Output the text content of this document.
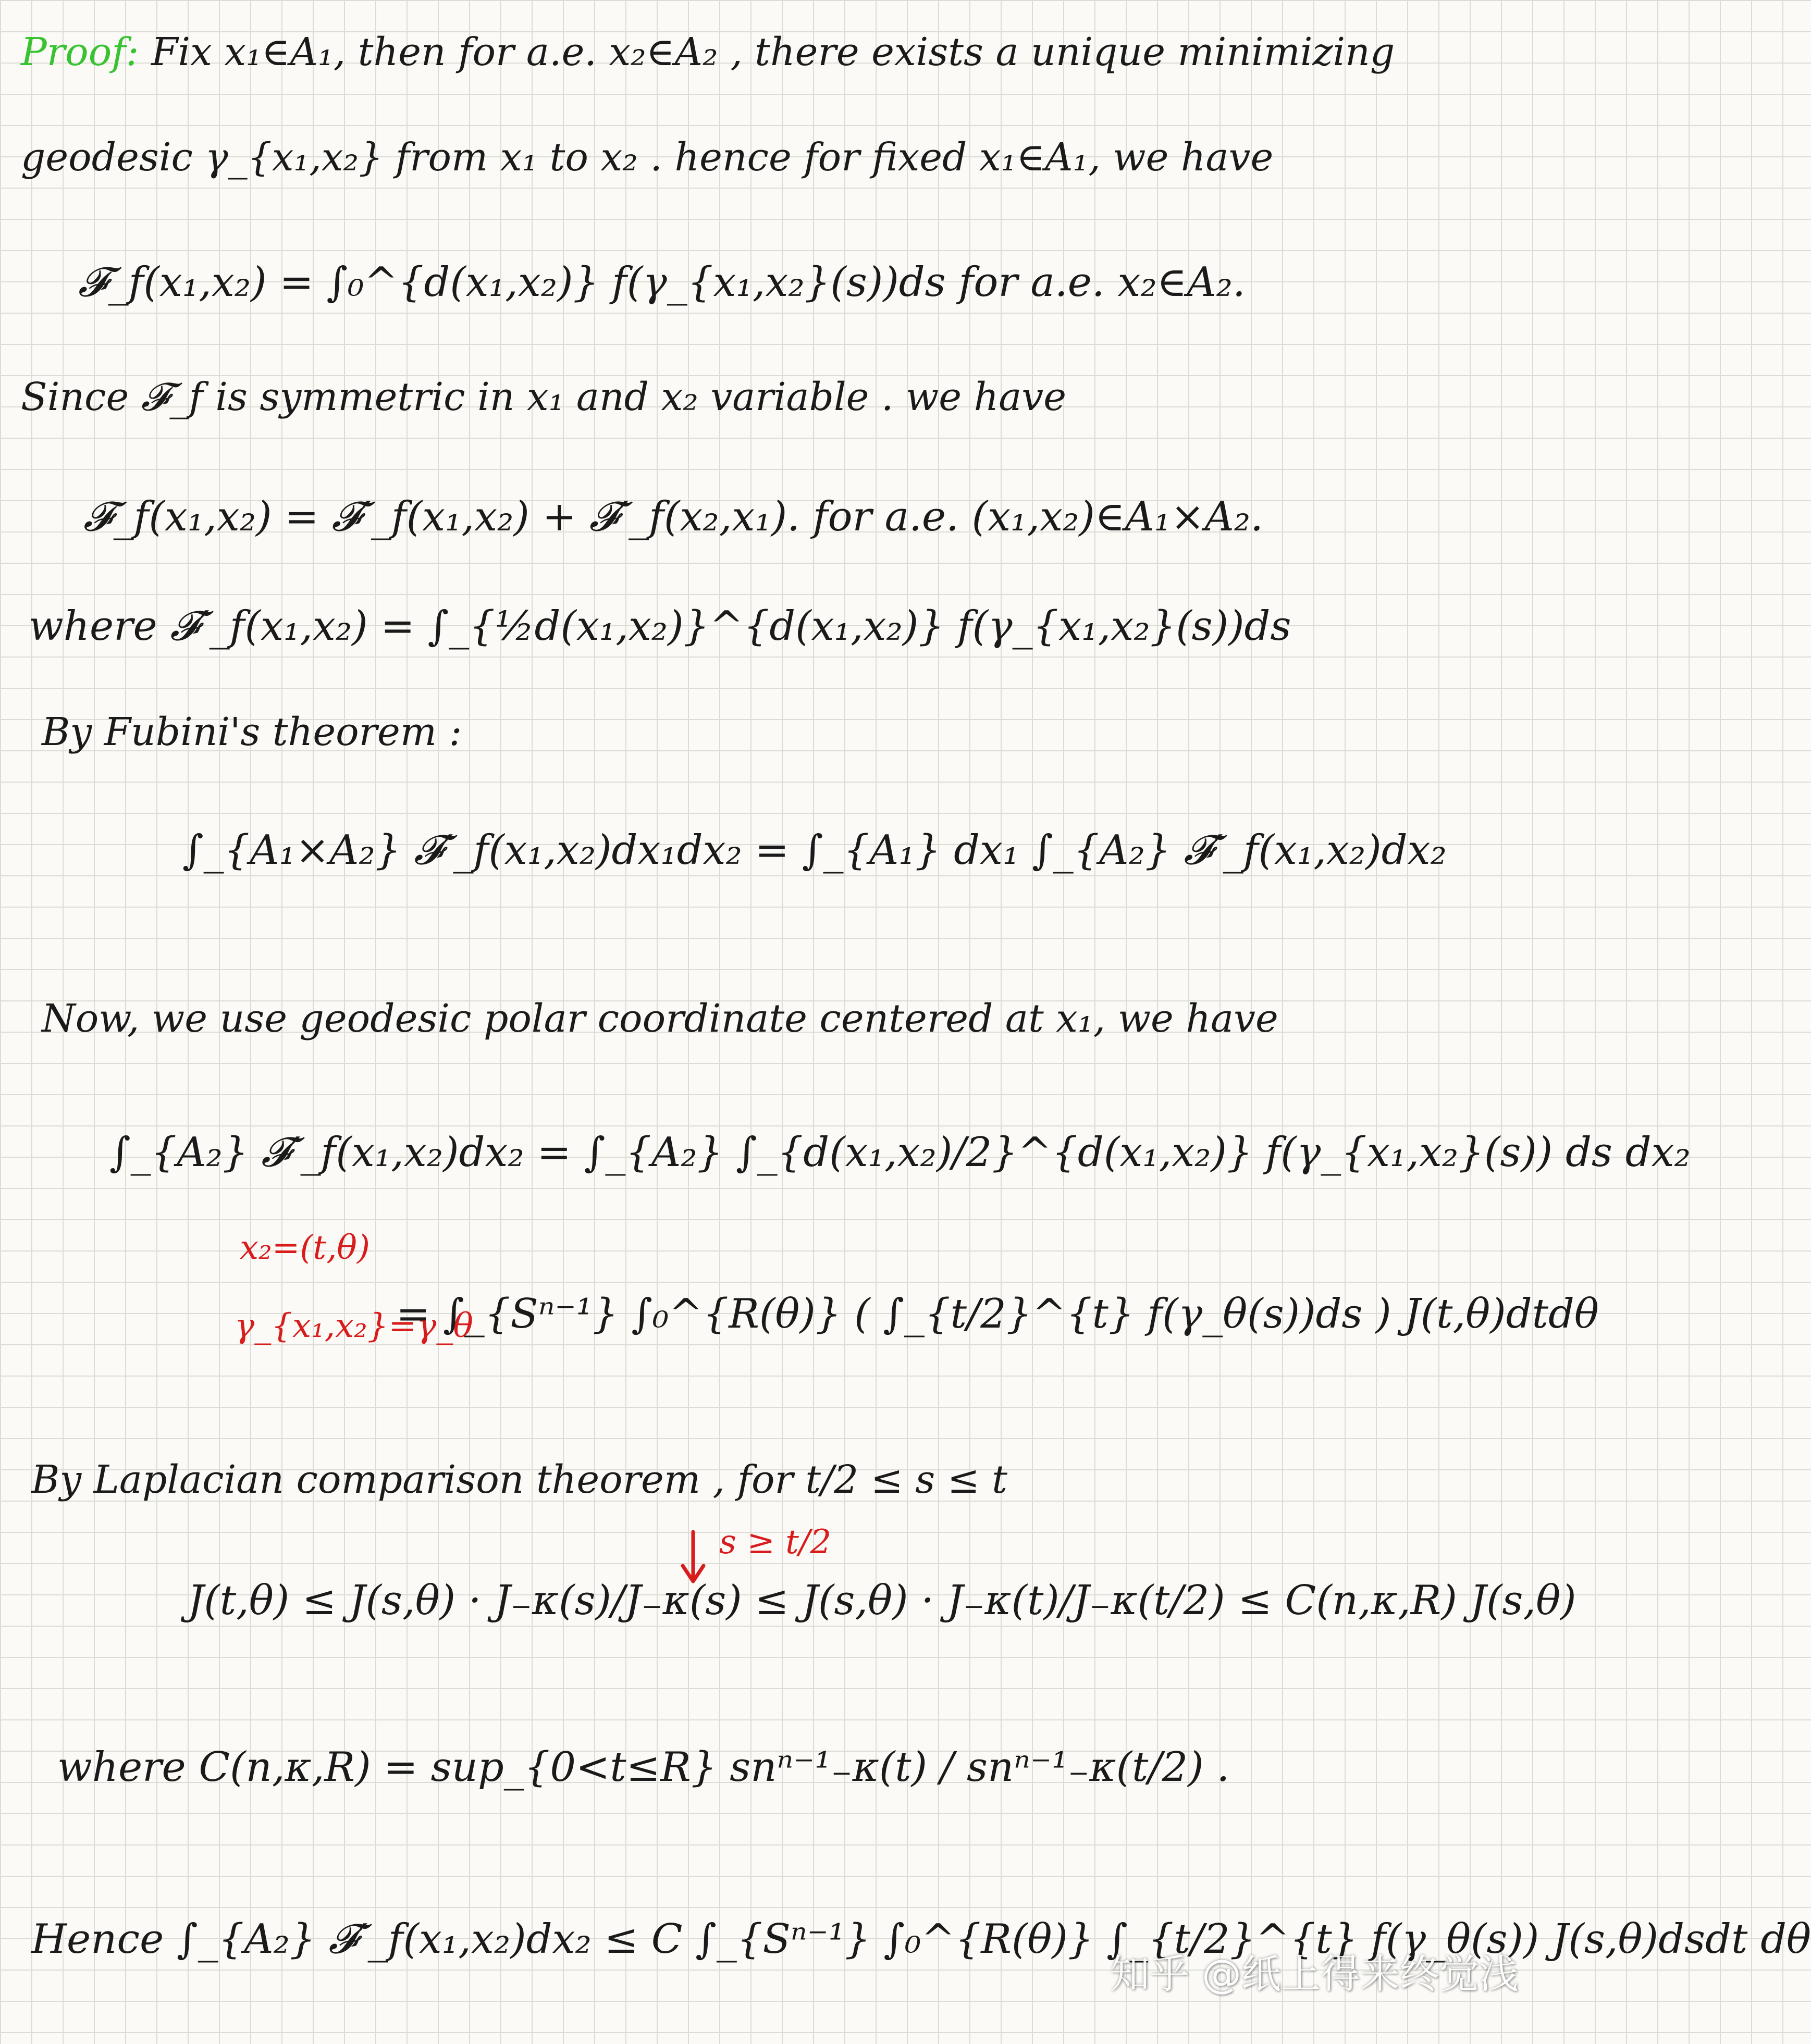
Proof: Fix x₁∈A₁, then for a.e. x₂∈A₂ , there exists a unique minimizing
geodesic γ_{x₁,x₂} from x₁ to x₂ . hence for fixed x₁∈A₁, we have
𝓕_f(x₁,x₂) = ∫₀^{d(x₁,x₂)} f(γ_{x₁,x₂}(s))ds for a.e. x₂∈A₂.
Since 𝓕_f is symmetric in x₁ and x₂ variable . we have
𝓕_f(x₁,x₂) = 𝓕′_f(x₁,x₂) + 𝓕′_f(x₂,x₁). for a.e. (x₁,x₂)∈A₁×A₂.
where 𝓕′_f(x₁,x₂) = ∫_{½d(x₁,x₂)}^{d(x₁,x₂)} f(γ_{x₁,x₂}(s))ds
By Fubini's theorem :
∫_{A₁×A₂} 𝓕′_f(x₁,x₂)dx₁dx₂ = ∫_{A₁} dx₁ ∫_{A₂} 𝓕′_f(x₁,x₂)dx₂
Now, we use geodesic polar coordinate centered at x₁, we have
∫_{A₂} 𝓕′_f(x₁,x₂)dx₂ = ∫_{A₂} ∫_{d(x₁,x₂)/2}^{d(x₁,x₂)} f(γ_{x₁,x₂}(s)) ds dx₂
x₂=(t,θ)
γ_{x₁,x₂}=γ_θ
= ∫_{Sⁿ⁻¹} ∫₀^{R(θ)} ( ∫_{t/2}^{t} f(γ_θ(s))ds ) J(t,θ)dtdθ
By Laplacian comparison theorem , for t/2 ≤ s ≤ t
s ≥ t/2
J(t,θ) ≤ J(s,θ) · J₋κ(s)/J₋κ(s) ≤ J(s,θ) · J₋κ(t)/J₋κ(t/2) ≤ C(n,κ,R) J(s,θ)
where C(n,κ,R) = sup_{0<t≤R} snⁿ⁻¹₋κ(t) / snⁿ⁻¹₋κ(t/2) .
Hence ∫_{A₂} 𝓕′_f(x₁,x₂)dx₂ ≤ C ∫_{Sⁿ⁻¹} ∫₀^{R(θ)} ∫_{t/2}^{t} f(γ_θ(s)) J(s,θ)dsdt dθ
知乎 @纸上得来终觉浅
